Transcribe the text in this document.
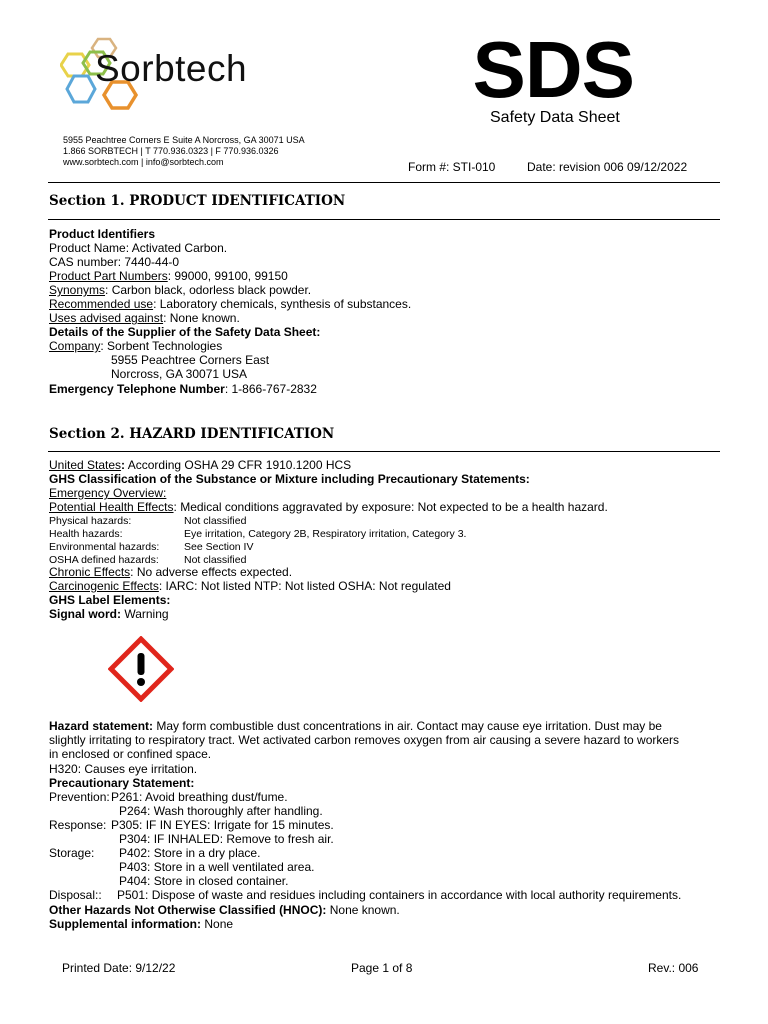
Sorbtech	SDS
Safety Data Sheet
5955 Peachtree Corners E Suite A Norcross, GA 30071 USA
1.866 SORBTECH | T 770.936.0323 | F 770.936.0326
www.sorbtech.com | info@sorbtech.com	Form #: STI-010	Date: revision 006 09/12/2022
Section 1. PRODUCT IDENTIFICATION
Product Identifiers
Product Name: Activated Carbon.
CAS number: 7440-44-0
Product Part Numbers: 99000, 99100, 99150
Synonyms: Carbon black, odorless black powder.
Recommended use: Laboratory chemicals, synthesis of substances.
Uses advised against: None known.
Details of the Supplier of the Safety Data Sheet:
Company: Sorbent Technologies
5955 Peachtree Corners East
Norcross, GA 30071 USA
Emergency Telephone Number: 1-866-767-2832
Section 2. HAZARD IDENTIFICATION
United States: According OSHA 29 CFR 1910.1200 HCS
GHS Classification of the Substance or Mixture including Precautionary Statements:
Emergency Overview:
Potential Health Effects: Medical conditions aggravated by exposure: Not expected to be a health hazard.
Physical hazards:	Not classified
Health hazards:	Eye irritation, Category 2B, Respiratory irritation, Category 3.
Environmental hazards: See Section IV
OSHA defined hazards: Not classified
Chronic Effects: No adverse effects expected.
Carcinogenic Effects: IARC: Not listed NTP: Not listed OSHA: Not regulated
GHS Label Elements:
Signal word: Warning
Hazard statement: May form combustible dust concentrations in air. Contact may cause eye irritation. Dust may be
slightly irritating to respiratory tract. Wet activated carbon removes oxygen from air causing a severe hazard to workers
in enclosed or confined space.
H320: Causes eye irritation.
Precautionary Statement:
Prevention: P261: Avoid breathing dust/fume.
P264: Wash thoroughly after handling.
Response: P305: IF IN EYES: Irrigate for 15 minutes.
P304: IF INHALED: Remove to fresh air.
Storage: P402: Store in a dry place.
P403: Store in a well ventilated area.
P404: Store in closed container.
Disposal:: P501: Dispose of waste and residues including containers in accordance with local authority requirements.
Other Hazards Not Otherwise Classified (HNOC): None known.
Supplemental information: None
Printed Date: 9/12/22	Page 1 of 8	Rev.: 006
